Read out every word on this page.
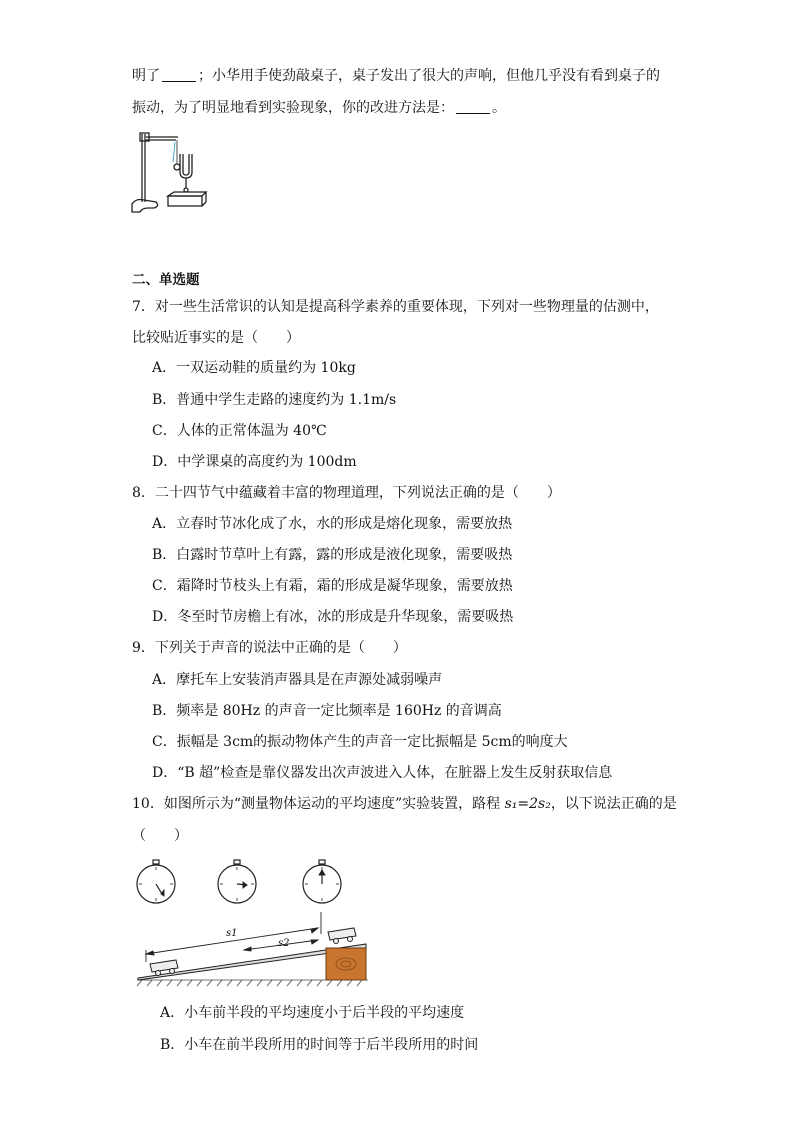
明了	；小华用手使劲敲桌子，桌子发出了很大的声响，但他几乎没有看到桌子的
振动，为了明显地看到实验现象，你的改进方法是：	。
二、单选题
7．对一些生活常识的认知是提高科学素养的重要体现，下列对一些物理量的估测中，
比较贴近事实的是（　　）
A．一双运动鞋的质量约为 10kg
B．普通中学生走路的速度约为 1.1m/s
C．人体的正常体温为 40℃
D．中学课桌的高度约为 100dm
8．二十四节气中蕴藏着丰富的物理道理，下列说法正确的是（　　）
A．立春时节冰化成了水，水的形成是熔化现象，需要放热
B．白露时节草叶上有露，露的形成是液化现象，需要吸热
C．霜降时节枝头上有霜，霜的形成是凝华现象，需要放热
D．冬至时节房檐上有冰，冰的形成是升华现象，需要吸热
9．下列关于声音的说法中正确的是（　　）
A．摩托车上安装消声器具是在声源处减弱噪声
B．频率是 80Hz 的声音一定比频率是 160Hz 的音调高
C．振幅是 3cm的振动物体产生的声音一定比振幅是 5cm的响度大
D．“B 超”检查是靠仪器发出次声波进入人体，在脏器上发生反射获取信息
10．如图所示为“测量物体运动的平均速度”实验装置，路程 s₁=2s₂，以下说法正确的是
（　　）
s1
s2
A．小车前半段的平均速度小于后半段的平均速度
B．小车在前半段所用的时间等于后半段所用的时间
